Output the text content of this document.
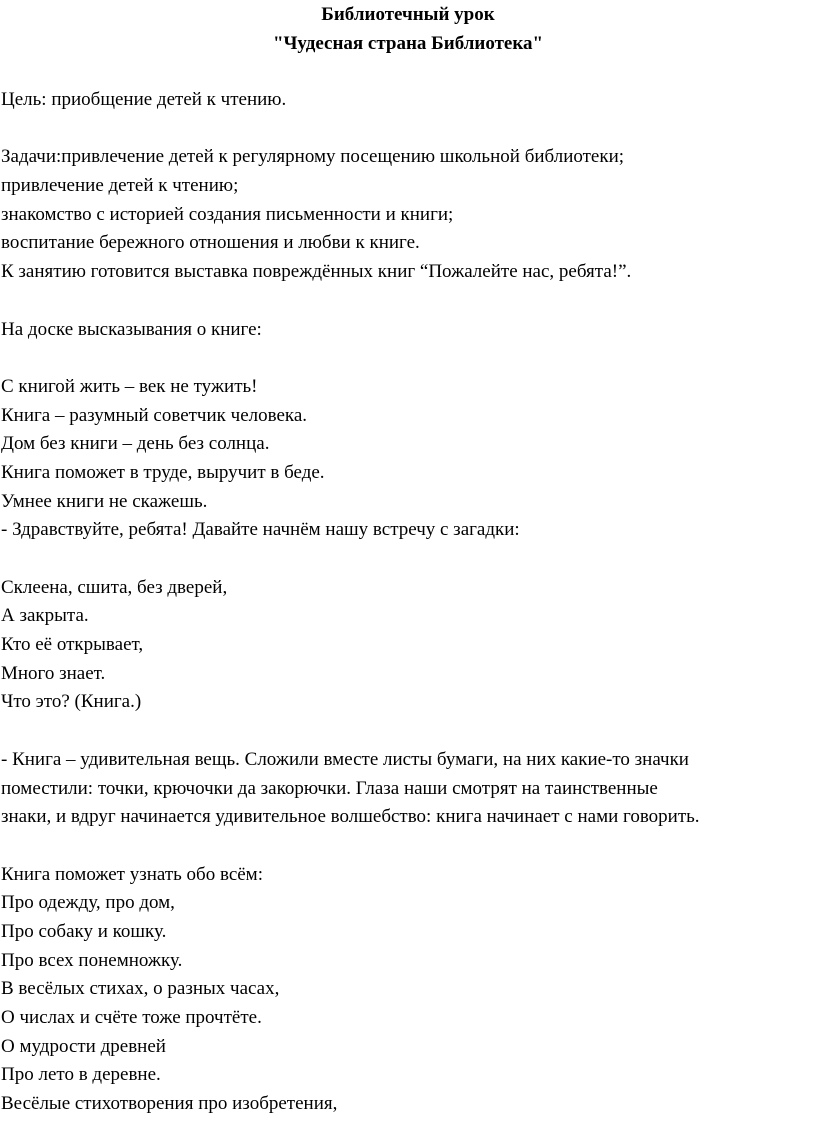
Библиотечный урок
"Чудесная страна Библиотека"
Цель: приобщение детей к чтению.
Задачи:привлечение детей к регулярному посещению школьной библиотеки;
привлечение детей к чтению;
знакомство с историей создания письменности и книги;
воспитание бережного отношения и любви к книге.
К занятию готовится выставка повреждённых книг “Пожалейте нас, ребята!”.
На доске высказывания о книге:
С книгой жить – век не тужить!
Книга – разумный советчик человека.
Дом без книги – день без солнца.
Книга поможет в труде, выручит в беде.
Умнее книги не скажешь.
- Здравствуйте, ребята! Давайте начнём нашу встречу с загадки:
Склеена, сшита, без дверей,
А закрыта.
Кто её открывает,
Много знает.
Что это? (Книга.)
- Книга – удивительная вещь. Сложили вместе листы бумаги, на них какие-то значки
поместили: точки, крючочки да закорючки. Глаза наши смотрят на таинственные
знаки, и вдруг начинается удивительное волшебство: книга начинает с нами говорить.
Книга поможет узнать обо всём:
Про одежду, про дом,
Про собаку и кошку.
Про всех понемножку.
В весёлых стихах, о разных часах,
О числах и счёте тоже прочтёте.
О мудрости древней
Про лето в деревне.
Весёлые стихотворения про изобретения,
